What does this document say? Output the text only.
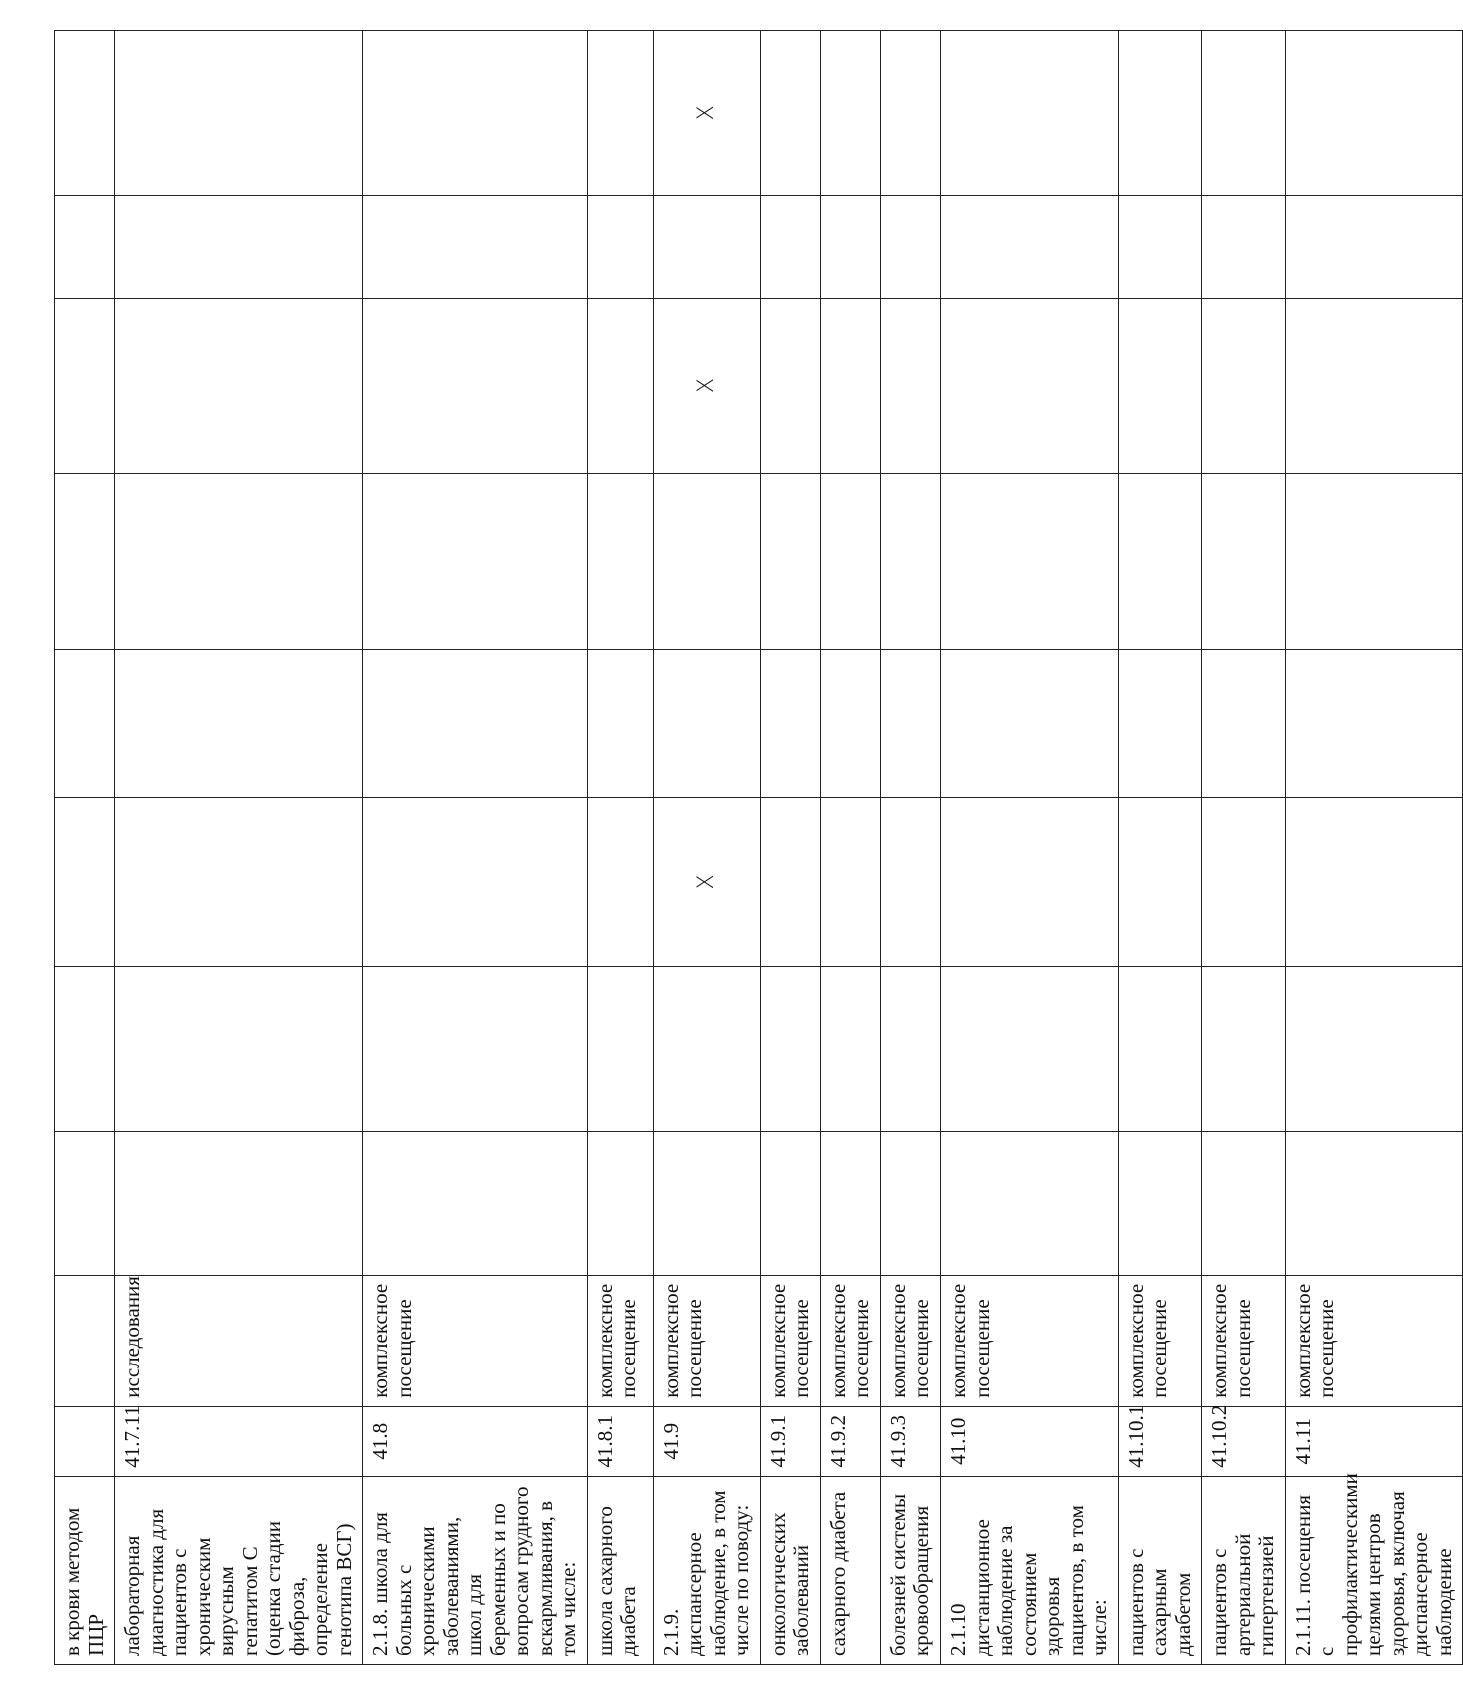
в крови методом ПЦР										
лабораторная диагностика для пациентов с хроническим вирусным гепатитом С (оценка стадии фиброза, определение генотипа ВСГ)	41.7.11	исследования								
2.1.8. школа для больных с хроническими заболеваниями, школ для беременных и по вопросам грудного вскармливания, в том числе:	41.8	комплексное посещение								
школа сахарного диабета	41.8.1	комплексное посещение								
2.1.9. диспансерное наблюдение, в том числе по поводу:	41.9	комплексное посещение			X			X		X
онкологических заболеваний	41.9.1	комплексное посещение								
сахарного диабета	41.9.2	комплексное посещение								
болезней системы кровообращения	41.9.3	комплексное посещение								
2.1.10 дистанционное наблюдение за состоянием здоровья пациентов, в том числе:	41.10	комплексное посещение								
пациентов с сахарным диабетом	41.10.1	комплексное посещение								
пациентов с артериальной гипертензией	41.10.2	комплексное посещение								
2.1.11. посещения с профилактическими целями центров здоровья, включая диспансерное наблюдение	41.11	комплексное посещение								
